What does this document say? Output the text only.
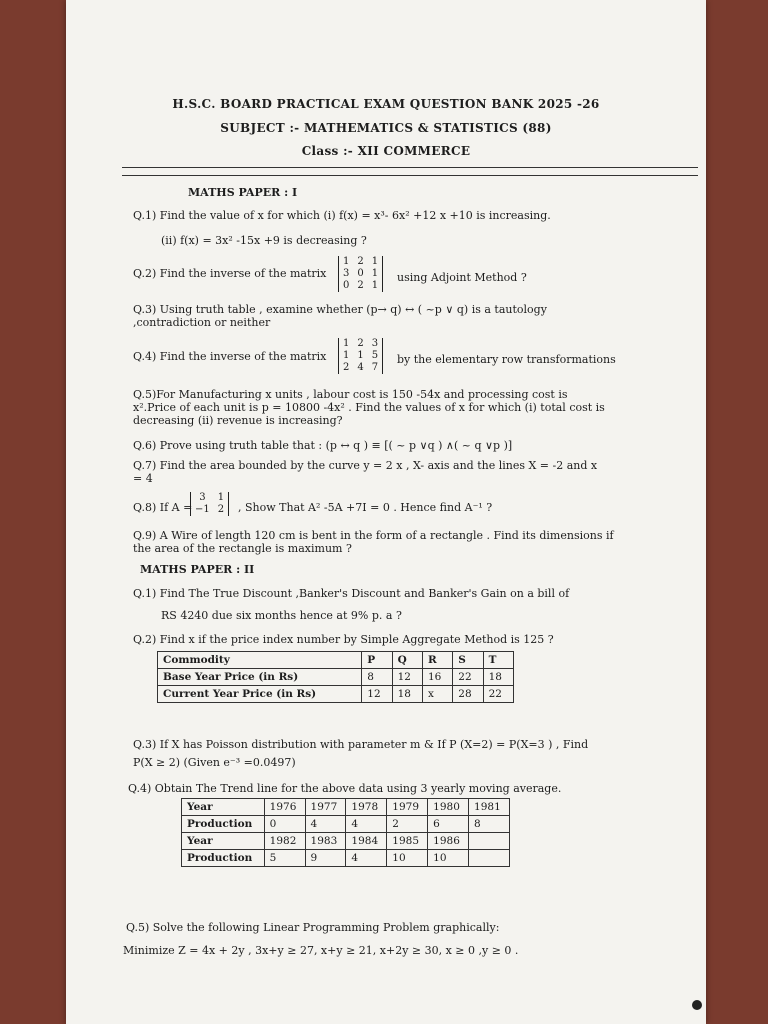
H.S.C. BOARD PRACTICAL EXAM QUESTION BANK 2025 -26
SUBJECT :- MATHEMATICS & STATISTICS (88)
Class :- XII COMMERCE
MATHS PAPER : I
Q.1) Find the value of x for which (i) f(x) = x³- 6x² +12 x +10 is increasing.
(ii) f(x) = 3x² -15x +9 is decreasing ?
Q.2) Find the inverse of the matrix
1	2	1
3	0	1
0	2	1
using Adjoint Method ?
Q.3) Using truth table , examine whether (p→ q) ↔ ( ~p ∨ q) is a tautology
,contradiction or neither
Q.4) Find the inverse of the matrix
1	2	3
1	1	5
2	4	7
by the elementary row transformations
Q.5)For Manufacturing x units , labour cost is 150 -54x and processing cost is
x².Price of each unit is p = 10800 -4x² . Find the values of x for which (i) total cost is
decreasing (ii) revenue is increasing?
Q.6) Prove using truth table that : (p ↔ q ) ≡ [( ~ p ∨q ) ∧( ~ q ∨p )]
Q.7) Find the area bounded by the curve y = 2 x , X- axis and the lines X = -2 and x
= 4
Q.8) If A =
3	1
−1	2 , Show That A² -5A +7I = 0 . Hence find A⁻¹ ?
Q.9) A Wire of length 120 cm is bent in the form of a rectangle . Find its dimensions if
the area of the rectangle is maximum ?
MATHS PAPER : II
Q.1) Find The True Discount ,Banker's Discount and Banker's Gain on a bill of
RS 4240 due six months hence at 9% p. a ?
Q.2) Find x if the price index number by Simple Aggregate Method is 125 ?
Commodity	P	Q	R	S	T
Base Year Price (in Rs)	8	12	16	22	18
Current Year Price (in Rs)	12	18	x	28	22
Q.3) If X has Poisson distribution with parameter m & If P (X=2) = P(X=3 ) , Find
P(X ≥ 2) (Given e⁻³ =0.0497)
Q.4) Obtain The Trend line for the above data using 3 yearly moving average.
Year	1976	1977	1978	1979	1980	1981
Production	0	4	4	2	6	8
Year	1982	1983	1984	1985	1986	
Production	5	9	4	10	10	
Q.5) Solve the following Linear Programming Problem graphically:
Minimize Z = 4x + 2y , 3x+y ≥ 27, x+y ≥ 21, x+2y ≥ 30, x ≥ 0 ,y ≥ 0 .
